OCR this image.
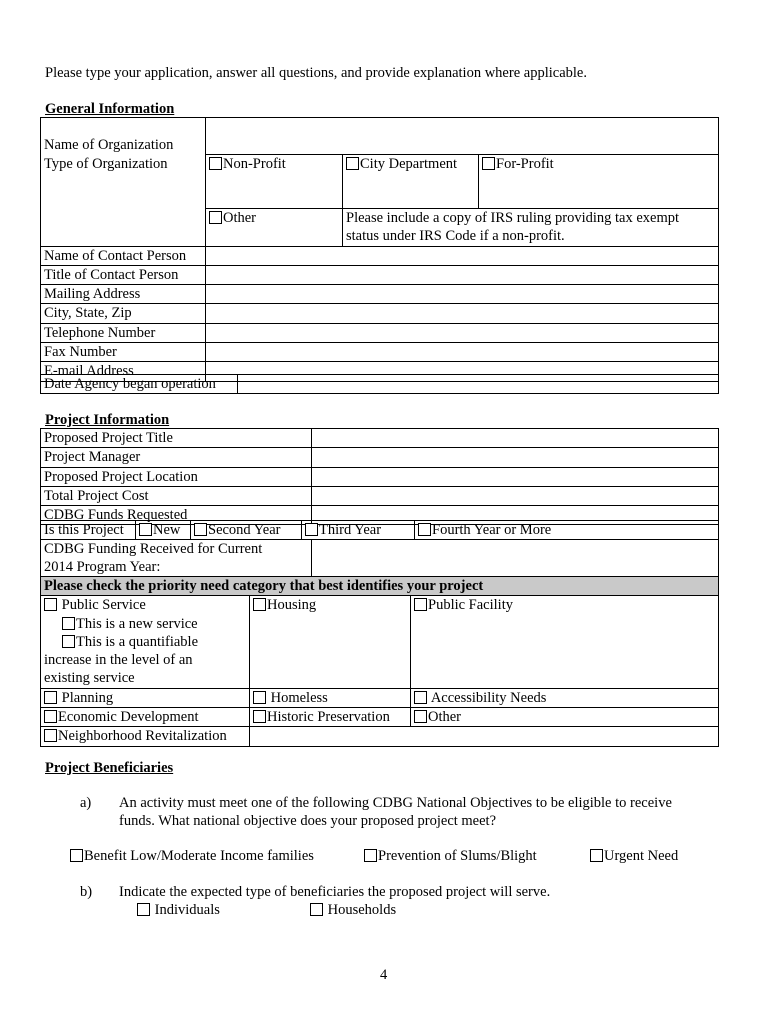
Please type your application, answer all questions, and provide explanation where applicable.
General Information
Name of Organization			
Type of Organization	Non-Profit	City Department	For-Profit
	Other	Please include a copy of IRS ruling providing tax exempt
status under IRS Code if a non-profit.	

Name of Contact Person			
Title of Contact Person			
Mailing Address			
City, State, Zip			
Telephone Number			
Fax Number			
E-mail Address			
Date Agency began operation	
Project Information
Proposed Project Title	
Project Manager	
Proposed Project Location	
Total Project Cost	
CDBG Funds Requested	
Is this Project	New	Second Year	Third Year	Fourth Year or More
CDBG Funding Received for Current
2014 Program Year:

Please check the priority need category that best identifies your project		

Public Service
This is a new service
This is a quantifiable
increase in the level of an
existing service	Housing	Public Facility
Planning	Homeless	Accessibility Needs
Economic Development	Historic Preservation	Other
Neighborhood Revitalization		
Project Beneficiaries
a) An activity must meet one of the following CDBG National Objectives to be eligible to receive
funds. What national objective does your proposed project meet?
Benefit Low/Moderate Income families	Prevention of Slums/Blight	Urgent Need
b) Indicate the expected type of beneficiaries the proposed project will serve.
Individuals	Households
4
